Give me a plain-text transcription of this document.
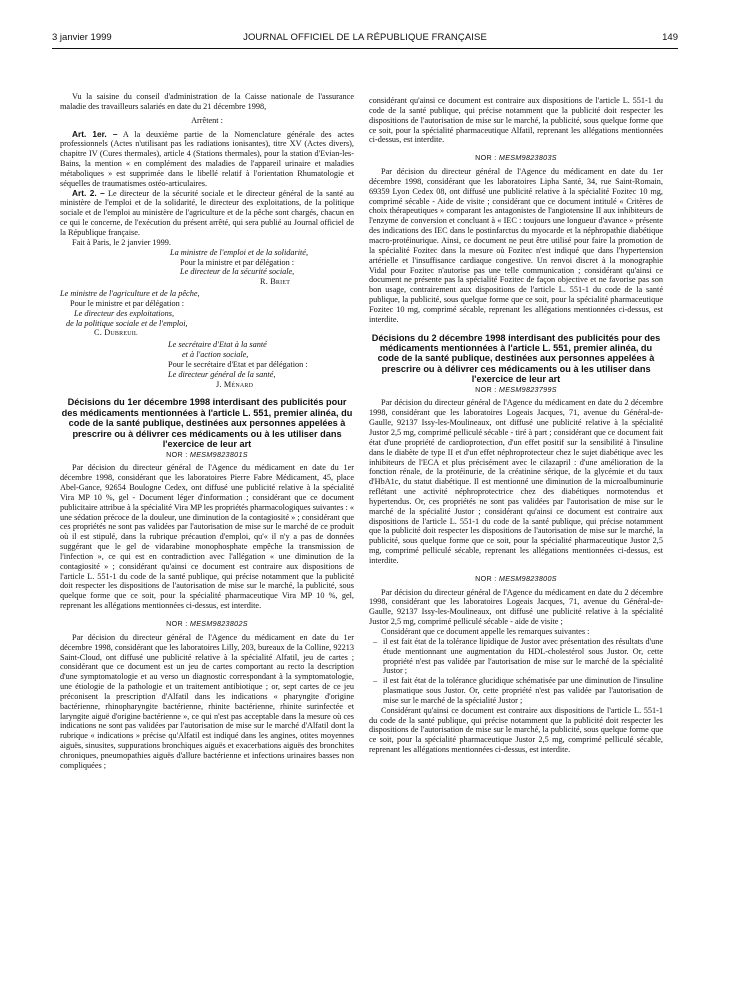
3 janvier 1999	JOURNAL OFFICIEL DE LA RÉPUBLIQUE FRANÇAISE	149

Vu la saisine du conseil d'administration de la Caisse nationale de l'assurance maladie des travailleurs salariés en date du 21 décembre 1998,

Arrêtent :

Art. 1er. – A la deuxième partie de la Nomenclature générale des actes professionnels (Actes n'utilisant pas les radiations ionisantes), titre XV (Actes divers), chapitre IV (Cures thermales), article 4 (Stations thermales), pour la station d'Evian-les-Bains, la mention « en complément des maladies de l'appareil urinaire et maladies métaboliques » est supprimée dans le libellé relatif à l'orientation Rhumatologie et séquelles de traumatismes ostéo-articulaires.

Art. 2. – Le directeur de la sécurité sociale et le directeur général de la santé au ministère de l'emploi et de la solidarité, le directeur des exploitations, de la politique sociale et de l'emploi au ministère de l'agriculture et de la pêche sont chargés, chacun en ce qui le concerne, de l'exécution du présent arrêté, qui sera publié au Journal officiel de la République française.

Fait à Paris, le 2 janvier 1999.

La ministre de l'emploi et de la solidarité,
Pour la ministre et par délégation :
Le directeur de la sécurité sociale,
R. Briet
Le ministre de l'agriculture et de la pêche,
Pour le ministre et par délégation :
Le directeur des exploitations,
de la politique sociale et de l'emploi,
C. Dubreuil
Le secrétaire d'Etat à la santé
et à l'action sociale,
Pour le secrétaire d'Etat et par délégation :
Le directeur général de la santé,
J. Ménard

Décisions du 1er décembre 1998 interdisant des publicités pour des médicaments mentionnées à l'article L. 551, premier alinéa, du code de la santé publique, destinées aux personnes appelées à prescrire ou à délivrer ces médicaments ou à les utiliser dans l'exercice de leur art

NOR : MESM9823801S

Par décision du directeur général de l'Agence du médicament en date du 1er décembre 1998, considérant que les laboratoires Pierre Fabre Médicament, 45, place Abel-Gance, 92654 Boulogne Cedex, ont diffusé une publicité relative à la spécialité Vira MP 10 %, gel - Document léger d'information ; considérant que ce document publicitaire attribue à la spécialité Vira MP les propriétés pharmacologiques suivantes : « une sédation précoce de la douleur, une diminution de la contagiosité » ; considérant que ces propriétés ne sont pas validées par l'autorisation de mise sur le marché de ce produit où il est stipulé, dans la rubrique précaution d'emploi, qu'« il n'y a pas de données suggérant que le gel de vidarabine monophosphate empêche la transmission de l'infection », ce qui est en contradiction avec l'allégation « une diminution de la contagiosité » ; considérant qu'ainsi ce document est contraire aux dispositions de l'article L. 551-1 du code de la santé publique, qui précise notamment que la publicité doit respecter les dispositions de l'autorisation de mise sur le marché, la publicité, sous quelque forme que ce soit, pour la spécialité pharmaceutique Vira MP 10 %, gel, reprenant les allégations mentionnées ci-dessus, est interdite.

NOR : MESM9823802S

Par décision du directeur général de l'Agence du médicament en date du 1er décembre 1998, considérant que les laboratoires Lilly, 203, bureaux de la Colline, 92213 Saint-Cloud, ont diffusé une publicité relative à la spécialité Alfatil, jeu de cartes ; considérant que ce document est un jeu de cartes comportant au recto la description d'une symptomatologie et au verso un diagnostic correspondant à la symptomatologie, une étiologie de la pathologie et un traitement antibiotique ; or, sept cartes de ce jeu préconisent la prescription d'Alfatil dans les indications « pharyngite d'origine bactérienne, rhinopharyngite bactérienne, rhinite bactérienne, rhinite surinfectée et laryngite aiguë d'origine bactérienne », ce qui n'est pas acceptable dans la mesure où ces indications ne sont pas validées par l'autorisation de mise sur le marché d'Alfatil dont la rubrique « indications » précise qu'Alfatil est indiqué dans les angines, otites moyennes aiguës, sinusites, suppurations bronchiques aiguës et exacerbations aiguës des bronchites chroniques, pneumopathies aiguës d'allure bactérienne et infections urinaires basses non compliquées ;

considérant qu'ainsi ce document est contraire aux dispositions de l'article L. 551-1 du code de la santé publique, qui précise notamment que la publicité doit respecter les dispositions de l'autorisation de mise sur le marché, la publicité, sous quelque forme que ce soit, pour la spécialité pharmaceutique Alfatil, reprenant les allégations mentionnées ci-dessus, est interdite.

NOR : MESM9823803S

Par décision du directeur général de l'Agence du médicament en date du 1er décembre 1998, considérant que les laboratoires Lipha Santé, 34, rue Saint-Romain, 69359 Lyon Cedex 08, ont diffusé une publicité relative à la spécialité Fozitec 10 mg, comprimé sécable - Aide de visite ; considérant que ce document intitulé « Critères de choix thérapeutiques » comparant les antagonistes de l'angiotensine II aux inhibiteurs de l'enzyme de conversion et concluant à « IEC : toujours une longueur d'avance » présente des indications des IEC dans le postinfarctus du myocarde et la néphropathie diabétique macro-protéinurique. Ainsi, ce document ne peut être utilisé pour faire la promotion de la spécialité Fozitec dans la mesure où Fozitec n'est indiqué que dans l'hypertension artérielle et l'insuffisance cardiaque congestive. Un renvoi discret à la monographie Vidal pour Fozitec n'autorise pas une telle communication ; considérant qu'ainsi ce document ne présente pas la spécialité Fozitec de façon objective et ne favorise pas son bon usage, contrairement aux dispositions de l'article L. 551-1 du code de la santé publique, la publicité, sous quelque forme que ce soit, pour la spécialité pharmaceutique Fozitec 10 mg, comprimé sécable, reprenant les allégations mentionnées ci-dessus, est interdite.

Décisions du 2 décembre 1998 interdisant des publicités pour des médicaments mentionnées à l'article L. 551, premier alinéa, du code de la santé publique, destinées aux personnes appelées à prescrire ou à délivrer ces médicaments ou à les utiliser dans l'exercice de leur art

NOR : MESM9823799S

Par décision du directeur général de l'Agence du médicament en date du 2 décembre 1998, considérant que les laboratoires Logeais Jacques, 71, avenue du Général-de-Gaulle, 92137 Issy-les-Moulineaux, ont diffusé une publicité relative à la spécialité Justor 2,5 mg, comprimé pelliculé sécable - tiré à part ; considérant que ce document fait état d'une propriété de cardioprotection, d'un effet positif sur la sensibilité à l'insuline dans le diabète de type II et d'un effet néphroprotecteur chez le sujet diabétique avec les inhibiteurs de l'ECA et plus précisément avec le cilazapril : d'une amélioration de la fonction rénale, de la protéinurie, de la créatinine sérique, de la glycémie et du taux d'HbA1c, du statut diabétique. Il est mentionné une diminution de la microalbuminurie reflétant une activité néphroprotectrice chez des diabétiques normotendus et hypertendus. Or, ces propriétés ne sont pas validées par l'autorisation de mise sur le marché de la spécialité Justor ; considérant qu'ainsi ce document est contraire aux dispositions de l'article L. 551-1 du code de la santé publique, qui précise notamment que la publicité doit respecter les dispositions de l'autorisation de mise sur le marché, la publicité, sous quelque forme que ce soit, pour la spécialité pharmaceutique Justor 2,5 mg, comprimé pelliculé sécable, reprenant les allégations mentionnées ci-dessus, est interdite.

NOR : MESM9823800S

Par décision du directeur général de l'Agence du médicament en date du 2 décembre 1998, considérant que les laboratoires Logeais Jacques, 71, avenue du Général-de-Gaulle, 92137 Issy-les-Moulineaux, ont diffusé une publicité relative à la spécialité Justor 2,5 mg, comprimé pelliculé sécable - aide de visite ;

Considérant que ce document appelle les remarques suivantes :

– il est fait état de la tolérance lipidique de Justor avec présentation des résultats d'une étude mentionnant une augmentation du HDL-cholestérol sous Justor. Or, cette propriété n'est pas validée par l'autorisation de mise sur le marché de la spécialité Justor ;

– il est fait état de la tolérance glucidique schématisée par une diminution de l'insuline plasmatique sous Justor. Or, cette propriété n'est pas validée par l'autorisation de mise sur le marché de la spécialité Justor ;

Considérant qu'ainsi ce document est contraire aux dispositions de l'article L. 551-1 du code de la santé publique, qui précise notamment que la publicité doit respecter les dispositions de l'autorisation de mise sur le marché, la publicité, sous quelque forme que ce soit, pour la spécialité pharmaceutique Justor 2,5 mg, comprimé pelliculé sécable, reprenant les allégations mentionnées ci-dessus, est interdite.
